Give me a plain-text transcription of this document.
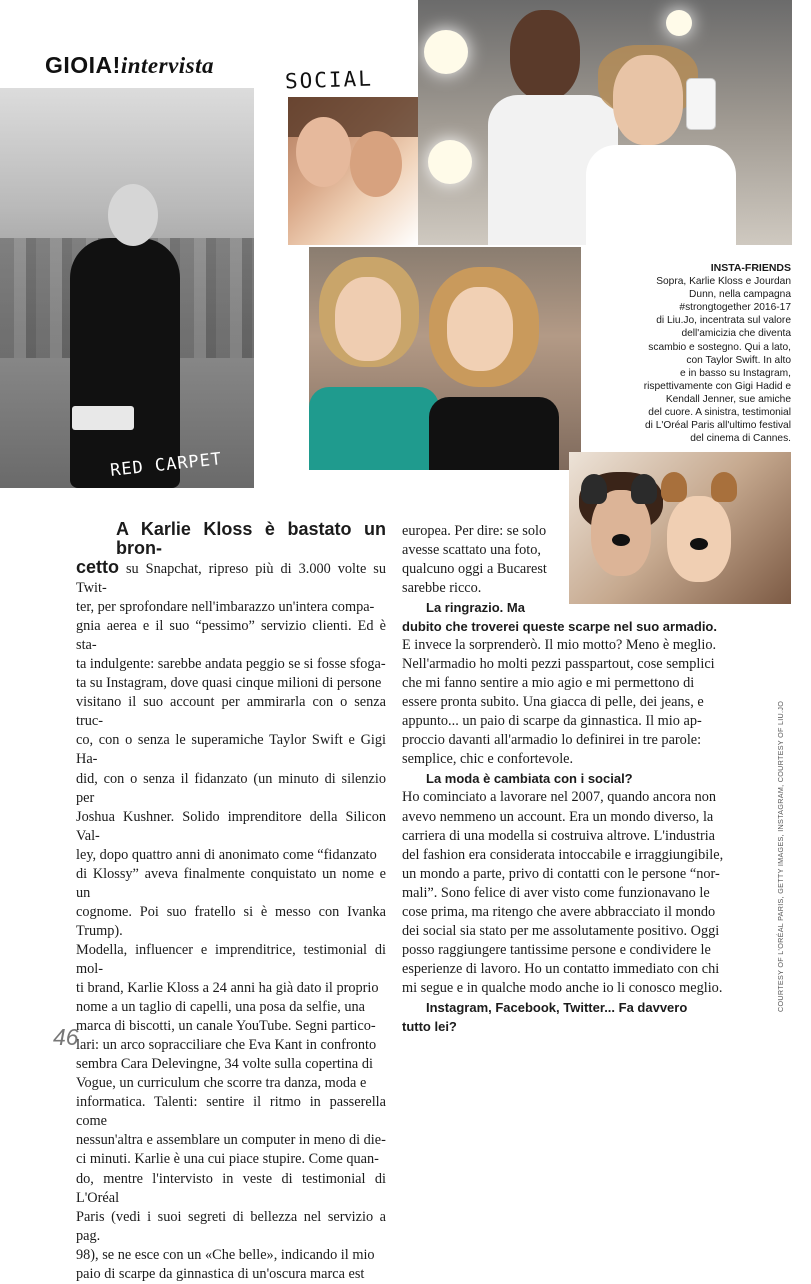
GIOIA!intervista
RED CARPET
SOCIAL
INSTA-FRIENDS
Sopra, Karlie Kloss e Jourdan
Dunn, nella campagna
#strongtogether 2016-17
di Liu.Jo, incentrata sul valore
dell'amicizia che diventa
scambio e sostegno. Qui a lato,
con Taylor Swift. In alto
e in basso su Instagram,
rispettivamente con Gigi Hadid e
Kendall Jenner, sue amiche
del cuore. A sinistra, testimonial
di L'Oréal Paris all'ultimo festival
del cinema di Cannes.
A Karlie Kloss è bastato un bron-
cetto su Snapchat, ripreso più di 3.000 volte su Twit-
ter, per sprofondare nell'imbarazzo un'intera compa-
gnia aerea e il suo “pessimo” servizio clienti. Ed è sta-
ta indulgente: sarebbe andata peggio se si fosse sfoga-
ta su Instagram, dove quasi cinque milioni di persone
visitano il suo account per ammirarla con o senza truc-
co, con o senza le superamiche Taylor Swift e Gigi Ha-
did, con o senza il fidanzato (un minuto di silenzio per
Joshua Kushner. Solido imprenditore della Silicon Val-
ley, dopo quattro anni di anonimato come “fidanzato
di Klossy” aveva finalmente conquistato un nome e un
cognome. Poi suo fratello si è messo con Ivanka Trump).
Modella, influencer e imprenditrice, testimonial di mol-
ti brand, Karlie Kloss a 24 anni ha già dato il proprio
nome a un taglio di capelli, una posa da selfie, una
marca di biscotti, un canale YouTube. Segni partico-
lari: un arco sopracciliare che Eva Kant in confronto
sembra Cara Delevingne, 34 volte sulla copertina di
Vogue, un curriculum che scorre tra danza, moda e
informatica. Talenti: sentire il ritmo in passerella come
nessun'altra e assemblare un computer in meno di die-
ci minuti. Karlie è una cui piace stupire. Come quan-
do, mentre l'intervisto in veste di testimonial di L'Oréal
Paris (vedi i suoi segreti di bellezza nel servizio a pag.
98), se ne esce con un «Che belle», indicando il mio
paio di scarpe da ginnastica di un'oscura marca est
europea. Per dire: se solo
avesse scattato una foto,
qualcuno oggi a Bucarest
sarebbe ricco.
La ringrazio. Ma
dubito che troverei queste scarpe nel suo armadio.
E invece la sorprenderò. Il mio motto? Meno è meglio.
Nell'armadio ho molti pezzi passpartout, cose semplici
che mi fanno sentire a mio agio e mi permettono di
essere pronta subito. Una giacca di pelle, dei jeans, e
appunto... un paio di scarpe da ginnastica. Il mio ap-
proccio davanti all'armadio lo definirei in tre parole:
semplice, chic e confortevole.
La moda è cambiata con i social?
Ho cominciato a lavorare nel 2007, quando ancora non
avevo nemmeno un account. Era un mondo diverso, la
carriera di una modella si costruiva altrove. L'industria
del fashion era considerata intoccabile e irraggiungibile,
un mondo a parte, privo di contatti con le persone “nor-
mali”. Sono felice di aver visto come funzionavano le
cose prima, ma ritengo che avere abbracciato il mondo
dei social sia stato per me assolutamente positivo. Oggi
posso raggiungere tantissime persone e condividere le
esperienze di lavoro. Ho un contatto immediato con chi
mi segue e in qualche modo anche io li conosco meglio.
Instagram, Facebook, Twitter... Fa davvero
tutto lei?
COURTESY OF L'ORÉAL PARIS, GETTY IMAGES, INSTAGRAM, COURTESY OF LIU.JO
46
